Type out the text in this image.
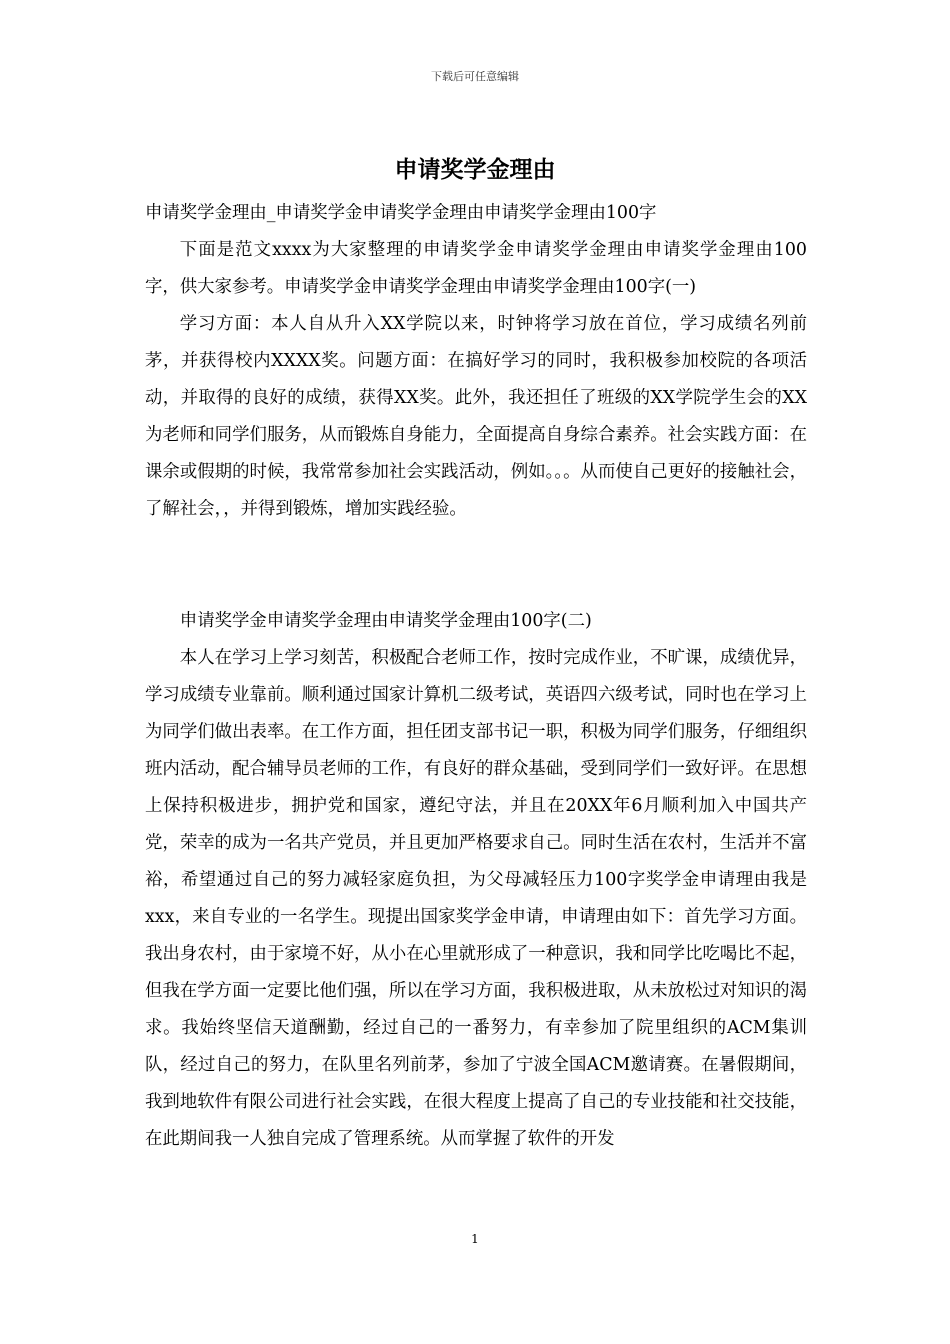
下载后可任意编辑
申请奖学金理由
申请奖学金理由_申请奖学金申请奖学金理由申请奖学金理由100字

下面是范文xxxx为大家整理的申请奖学金申请奖学金理由申请奖学金理由100字，供大家参考。申请奖学金申请奖学金理由申请奖学金理由100字(一)

学习方面：本人自从升入XX学院以来，时钟将学习放在首位，学习成绩名列前茅，并获得校内XXXX奖。问题方面：在搞好学习的同时，我积极参加校院的各项活动，并取得的良好的成绩，获得XX奖。此外，我还担任了班级的XX学院学生会的XX为老师和同学们服务，从而锻炼自身能力，全面提高自身综合素养。社会实践方面：在课余或假期的时候，我常常参加社会实践活动，例如。。。从而使自己更好的接触社会，了解社会，，并得到锻炼，增加实践经验。

申请奖学金申请奖学金理由申请奖学金理由100字(二)

本人在学习上学习刻苦，积极配合老师工作，按时完成作业，不旷课，成绩优异，学习成绩专业靠前。顺利通过国家计算机二级考试，英语四六级考试，同时也在学习上为同学们做出表率。在工作方面，担任团支部书记一职，积极为同学们服务，仔细组织班内活动，配合辅导员老师的工作，有良好的群众基础，受到同学们一致好评。在思想上保持积极进步，拥护党和国家，遵纪守法，并且在20XX年6月顺利加入中国共产党，荣幸的成为一名共产党员，并且更加严格要求自己。同时生活在农村，生活并不富裕，希望通过自己的努力减轻家庭负担，为父母减轻压力100字奖学金申请理由我是xxx，来自专业的一名学生。现提出国家奖学金申请，申请理由如下：首先学习方面。我出身农村，由于家境不好，从小在心里就形成了一种意识，我和同学比吃喝比不起，但我在学方面一定要比他们强，所以在学习方面，我积极进取，从未放松过对知识的渴求。我始终坚信天道酬勤，经过自己的一番努力，有幸参加了院里组织的ACM集训队，经过自己的努力，在队里名列前茅，参加了宁波全国ACM邀请赛。在暑假期间，我到地软件有限公司进行社会实践，在很大程度上提高了自己的专业技能和社交技能，在此期间我一人独自完成了管理系统。从而掌握了软件的开发

1
